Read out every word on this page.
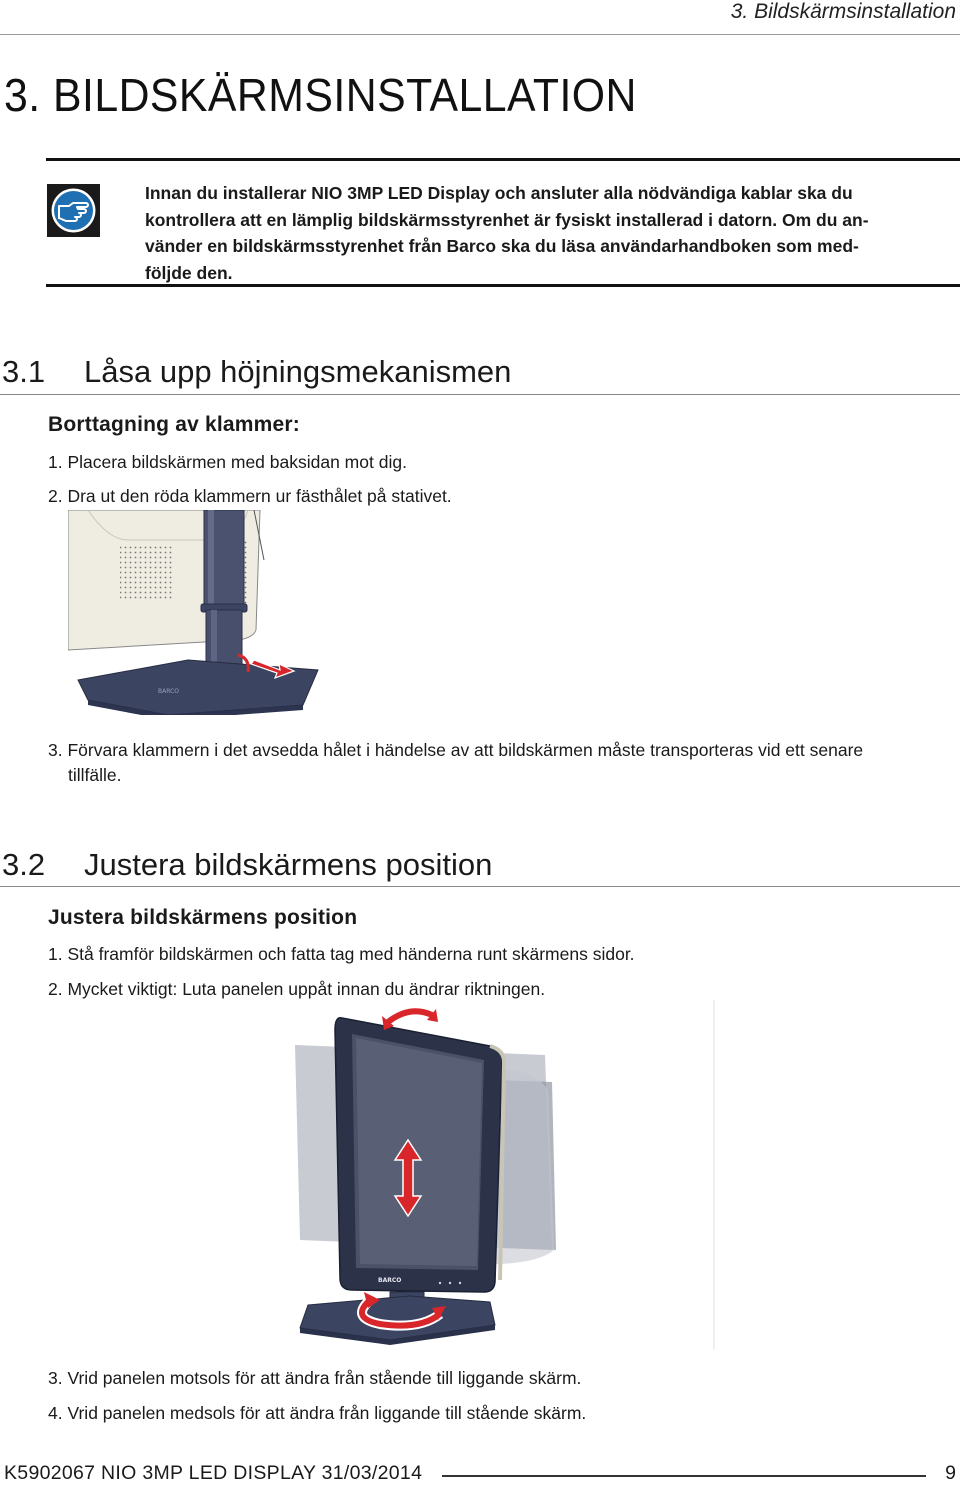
3. Bildskärmsinstallation
3. BILDSKÄRMSINSTALLATION
Innan du installerar NIO 3MP LED Display och ansluter alla nödvändiga kablar ska du
kontrollera att en lämplig bildskärmsstyrenhet är fysiskt installerad i datorn. Om du an-
vänder en bildskärmsstyrenhet från Barco ska du läsa användarhandboken som med-
följde den.
3.1 Låsa upp höjningsmekanismen
Borttagning av klammer:
1. Placera bildskärmen med baksidan mot dig.
2. Dra ut den röda klammern ur fästhålet på stativet.
BARCO
3. Förvara klammern i det avsedda hålet i händelse av att bildskärmen måste transporteras vid ett senare
tillfälle.
3.2 Justera bildskärmens position
Justera bildskärmens position
1. Stå framför bildskärmen och fatta tag med händerna runt skärmens sidor.
2. Mycket viktigt: Luta panelen uppåt innan du ändrar riktningen.
BARCO
3. Vrid panelen motsols för att ändra från stående till liggande skärm.
4. Vrid panelen medsols för att ändra från liggande till stående skärm.
K5902067 NIO 3MP LED DISPLAY 31/03/2014	9
